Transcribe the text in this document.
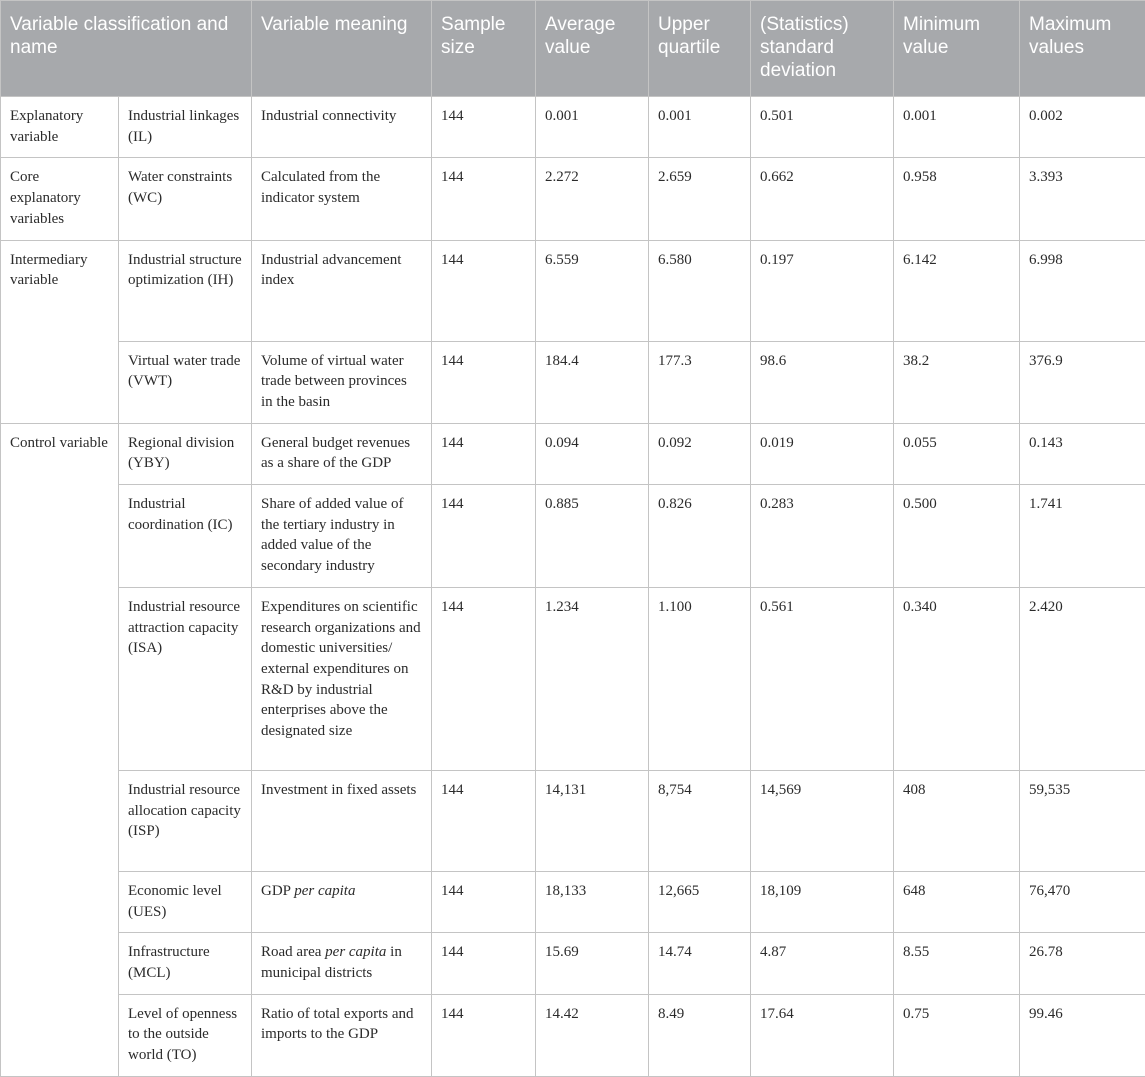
Variable classification and name		Variable meaning	Sample size	Average value	Upper quartile	(Statistics) standard deviation	Minimum value	Maximum values
Explanatory variable	Industrial linkages (IL)	Industrial connectivity	144	0.001	0.001	0.501	0.001	0.002
Core explanatory variables	Water constraints (WC)	Calculated from the indicator system	144	2.272	2.659	0.662	0.958	3.393
Intermediary variable	Industrial structure optimization (IH)	Industrial advancement index	144	6.559	6.580	0.197	6.142	6.998
	Virtual water trade (VWT)	Volume of virtual water trade between provinces in the basin	144	184.4	177.3	98.6	38.2	376.9
Control variable	Regional division (YBY)	General budget revenues as a share of the GDP	144	0.094	0.092	0.019	0.055	0.143
	Industrial coordination (IC)	Share of added value of the tertiary industry in added value of the secondary industry	144	0.885	0.826	0.283	0.500	1.741
	Industrial resource attraction capacity (ISA)	Expenditures on scientific research organizations and domestic universities/ external expenditures on R&D by industrial enterprises above the designated size	144	1.234	1.100	0.561	0.340	2.420
	Industrial resource allocation capacity (ISP)	Investment in fixed assets	144	14,131	8,754	14,569	408	59,535
	Economic level (UES)	GDP per capita	144	18,133	12,665	18,109	648	76,470
	Infrastructure (MCL)	Road area per capita in municipal districts	144	15.69	14.74	4.87	8.55	26.78
	Level of openness to the outside world (TO)	Ratio of total exports and imports to the GDP	144	14.42	8.49	17.64	0.75	99.46
